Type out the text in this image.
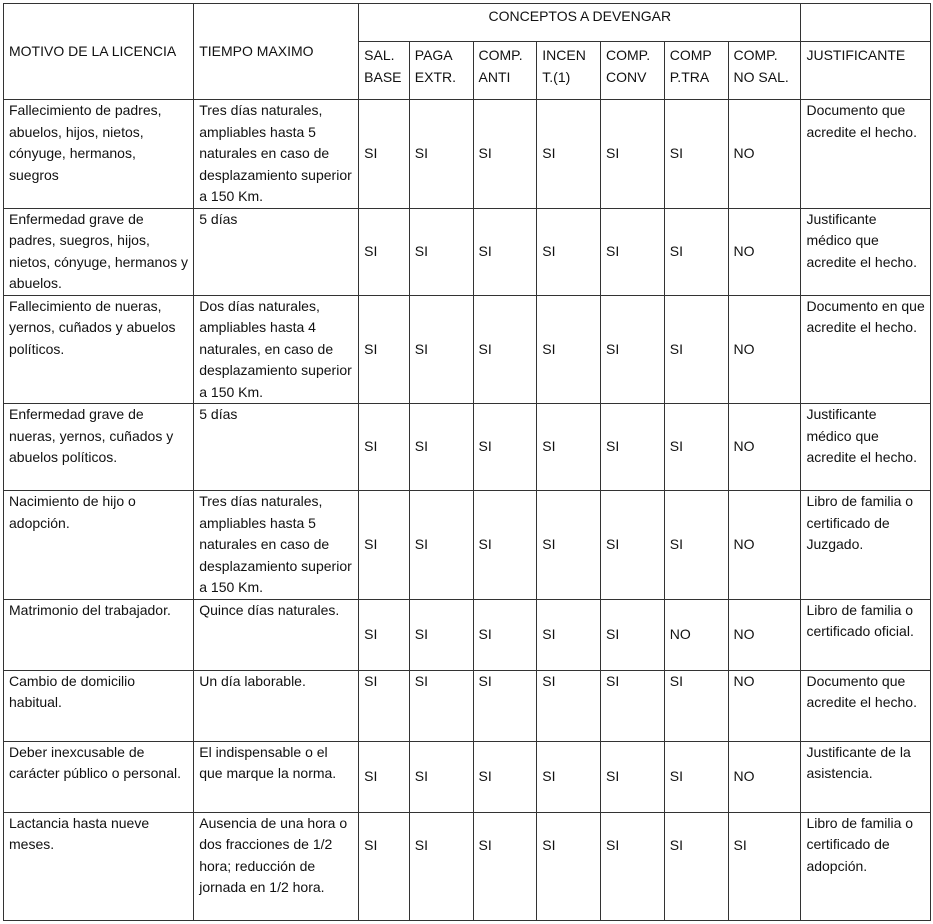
MOTIVO DE LA LICENCIA	TIEMPO MAXIMO	CONCEPTOS A DEVENGAR							
		SAL. BASE	PAGA EXTR.	COMP. ANTI	INCEN T.(1)	COMP. CONV	COMP P.TRA	COMP. NO SAL.	JUSTIFICANTE
Fallecimiento de padres, abuelos, hijos, nietos, cónyuge, hermanos, suegros	Tres días naturales, ampliables hasta 5 naturales en caso de desplazamiento superior a 150 Km.	SI	SI	SI	SI	SI	SI	NO	Documento que acredite el hecho.
Enfermedad grave de padres, suegros, hijos, nietos, cónyuge, hermanos y abuelos.	5 días	SI	SI	SI	SI	SI	SI	NO	Justificante médico que acredite el hecho.
Fallecimiento de nueras, yernos, cuñados y abuelos políticos.	Dos días naturales, ampliables hasta 4 naturales, en caso de desplazamiento superior a 150 Km.	SI	SI	SI	SI	SI	SI	NO	Documento en que acredite el hecho.
Enfermedad grave de nueras, yernos, cuñados y abuelos políticos.	5 días	SI	SI	SI	SI	SI	SI	NO	Justificante médico que acredite el hecho.
Nacimiento de hijo o adopción.	Tres días naturales, ampliables hasta 5 naturales en caso de desplazamiento superior a 150 Km.	SI	SI	SI	SI	SI	SI	NO	Libro de familia o certificado de Juzgado.
Matrimonio del trabajador.	Quince días naturales.	SI	SI	SI	SI	SI	NO	NO	Libro de familia o certificado oficial.
Cambio de domicilio habitual.	Un día laborable.	SI	SI	SI	SI	SI	SI	NO	Documento que acredite el hecho.
Deber inexcusable de carácter público o personal.	El indispensable o el que marque la norma.	SI	SI	SI	SI	SI	SI	NO	Justificante de la asistencia.
Lactancia hasta nueve meses.	Ausencia de una hora o dos fracciones de 1/2 hora; reducción de jornada en 1/2 hora.	SI	SI	SI	SI	SI	SI	SI	Libro de familia o certificado de adopción.
